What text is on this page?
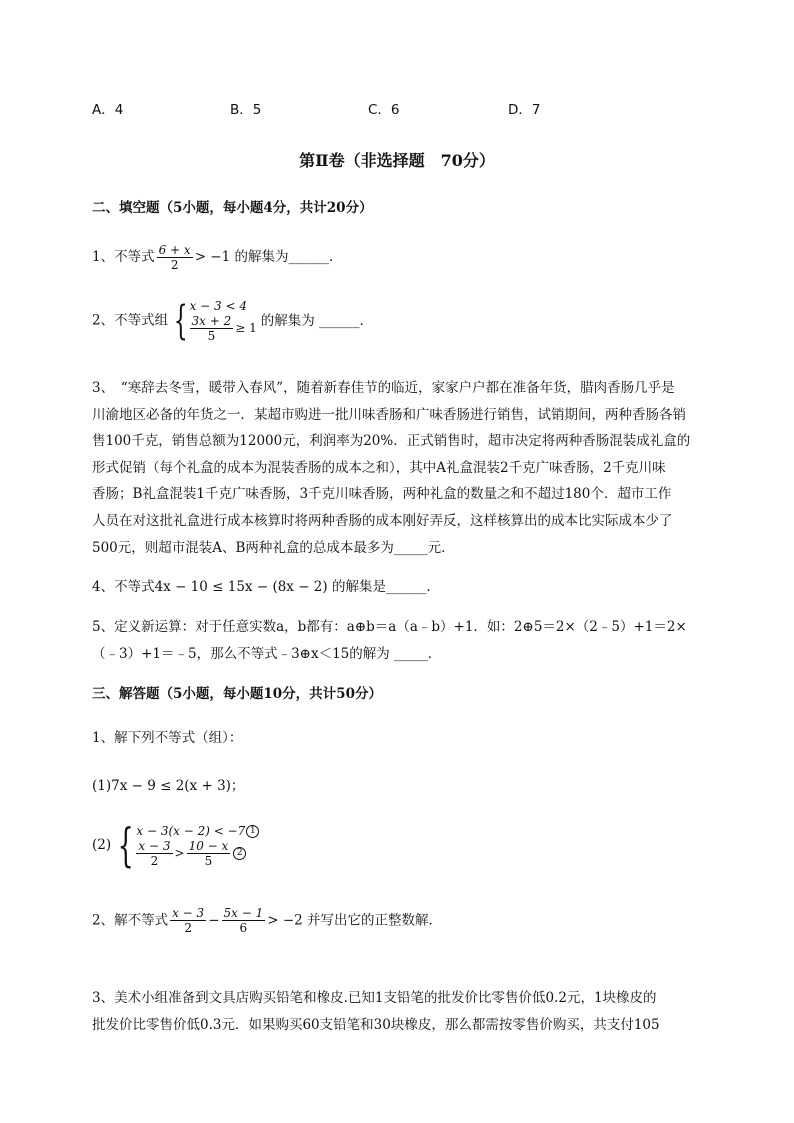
A．4	B．5	C．6	D．7
第Ⅱ卷（非选择题　70分）
二、填空题（5小题，每小题4分，共计20分）
1、不等式 $\frac{6 + x}{2} > -1$ 的解集为______．
2、不等式组 { x − 3 < 4
$\frac{3x + 2}{5} \ge 1$ 的解集为 ______．
3、　“寒辞去冬雪，暖带入春风”，随着新春佳节的临近，家家户户都在准备年货，腊肉香肠几乎是
川渝地区必备的年货之一．某超市购进一批川味香肠和广味香肠进行销售，试销期间，两种香肠各销
售100千克，销售总额为12000元，利润率为20%．正式销售时，超市决定将两种香肠混装成礼盒的
形式促销（每个礼盒的成本为混装香肠的成本之和），其中A礼盒混装2千克广味香肠，2千克川味
香肠；B礼盒混装1千克广味香肠，3千克川味香肠，两种礼盒的数量之和不超过180个．超市工作
人员在对这批礼盒进行成本核算时将两种香肠的成本刚好弄反，这样核算出的成本比实际成本少了
500元，则超市混装A、B两种礼盒的总成本最多为_____元．
4、不等式4x − 10 ≤ 15x − (8x − 2) 的解集是______．
5、定义新运算：对于任意实数a，b都有：a⊕b＝a（a﹣b）+1．如：2⊕5＝2×（2﹣5）+1＝2×
（﹣3）+1＝﹣5，那么不等式﹣3⊕x＜15的解为 _____．
三、解答题（5小题，每小题10分，共计50分）
1、解下列不等式（组）：
(1)7x − 9 ≤ 2(x + 3)；
(2) { x − 3(x − 2) < −7 1
$\frac{x - 3}{2} > \frac{10 - x}{5} 2$
2、解不等式 $\frac{x - 3}{2} - \frac{5x - 1}{6} > -2$ 并写出它的正整数解．
3、美术小组准备到文具店购买铅笔和橡皮.已知1支铅笔的批发价比零售价低0.2元，1块橡皮的
批发价比零售价低0.3元．如果购买60支铅笔和30块橡皮，那么都需按零售价购买，共支付105
